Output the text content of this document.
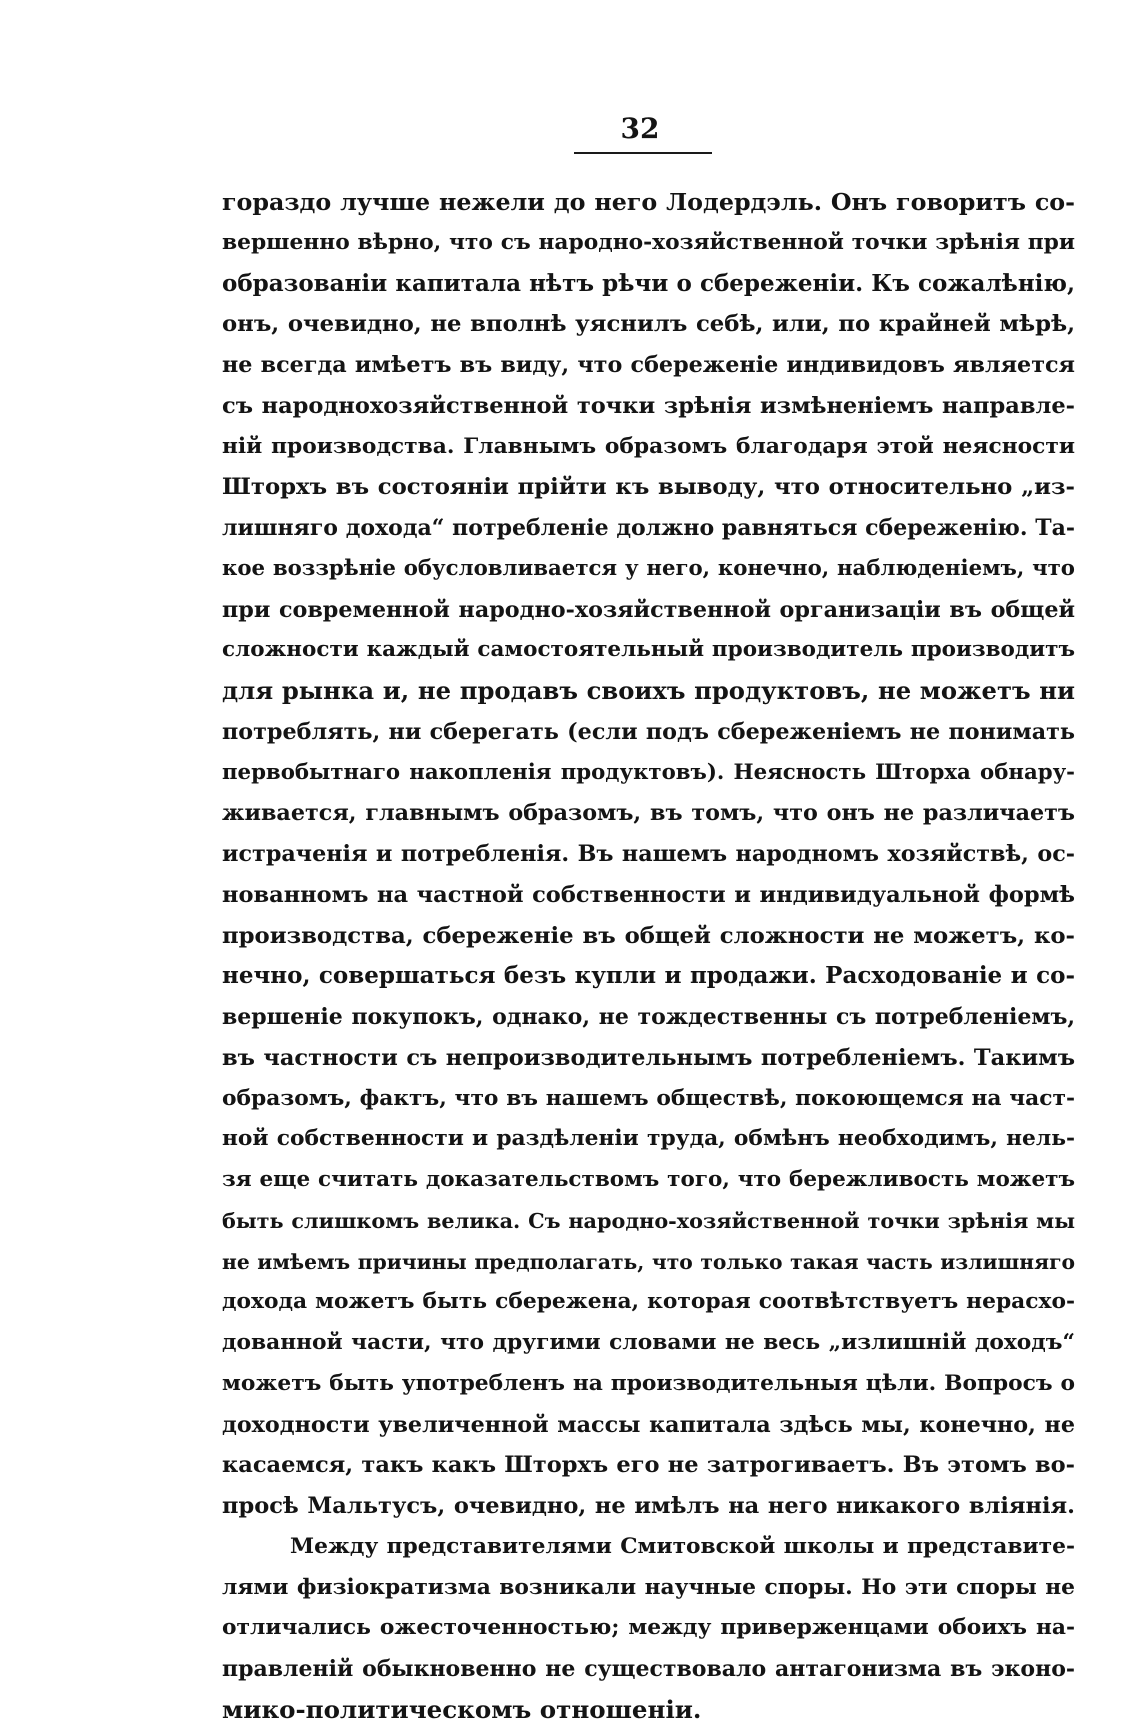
32
гораздо лучше нежели до него Лодердэль. Онъ говоритъ со-
вершенно вѣрно, что съ народно-хозяйственной точки зрѣнія при
образованіи капитала нѣтъ рѣчи о сбереженіи. Къ сожалѣнію,
онъ, очевидно, не вполнѣ уяснилъ себѣ, или, по крайней мѣрѣ,
не всегда имѣетъ въ виду, что сбереженіе индивидовъ является
съ народнохозяйственной точки зрѣнія измѣненіемъ направле-
ній производства. Главнымъ образомъ благодаря этой неясности
Шторхъ въ состояніи прійти къ выводу, что относительно „из-
лишняго дохода“ потребленіе должно равняться сбереженію. Та-
кое воззрѣніе обусловливается у него, конечно, наблюденіемъ, что
при современной народно-хозяйственной организаціи въ общей
сложности каждый самостоятельный производитель производитъ
для рынка и, не продавъ своихъ продуктовъ, не можетъ ни
потреблять, ни сберегать (если подъ сбереженіемъ не понимать
первобытнаго накопленія продуктовъ). Неясность Шторха обнару-
живается, главнымъ образомъ, въ томъ, что онъ не различаетъ
истраченія и потребленія. Въ нашемъ народномъ хозяйствѣ, ос-
нованномъ на частной собственности и индивидуальной формѣ
производства, сбереженіе въ общей сложности не можетъ, ко-
нечно, совершаться безъ купли и продажи. Расходованіе и со-
вершеніе покупокъ, однако, не тождественны съ потребленіемъ,
въ частности съ непроизводительнымъ потребленіемъ. Такимъ
образомъ, фактъ, что въ нашемъ обществѣ, покоющемся на част-
ной собственности и раздѣленіи труда, обмѣнъ необходимъ, нель-
зя еще считать доказательствомъ того, что бережливость можетъ
быть слишкомъ велика. Съ народно-хозяйственной точки зрѣнія мы
не имѣемъ причины предполагать, что только такая часть излишняго
дохода можетъ быть сбережена, которая соотвѣтствуетъ нерасхо-
дованной части, что другими словами не весь „излишній доходъ“
можетъ быть употребленъ на производительныя цѣли. Вопросъ о
доходности увеличенной массы капитала здѣсь мы, конечно, не
касаемся, такъ какъ Шторхъ его не затрогиваетъ. Въ этомъ во-
просѣ Мальтусъ, очевидно, не имѣлъ на него никакого вліянія.
Между представителями Смитовской школы и представите-
лями физіократизма возникали научные споры. Но эти споры не
отличались ожесточенностью; между приверженцами обоихъ на-
правленій обыкновенно не существовало антагонизма въ эконо-
мико-политическомъ отношеніи.
